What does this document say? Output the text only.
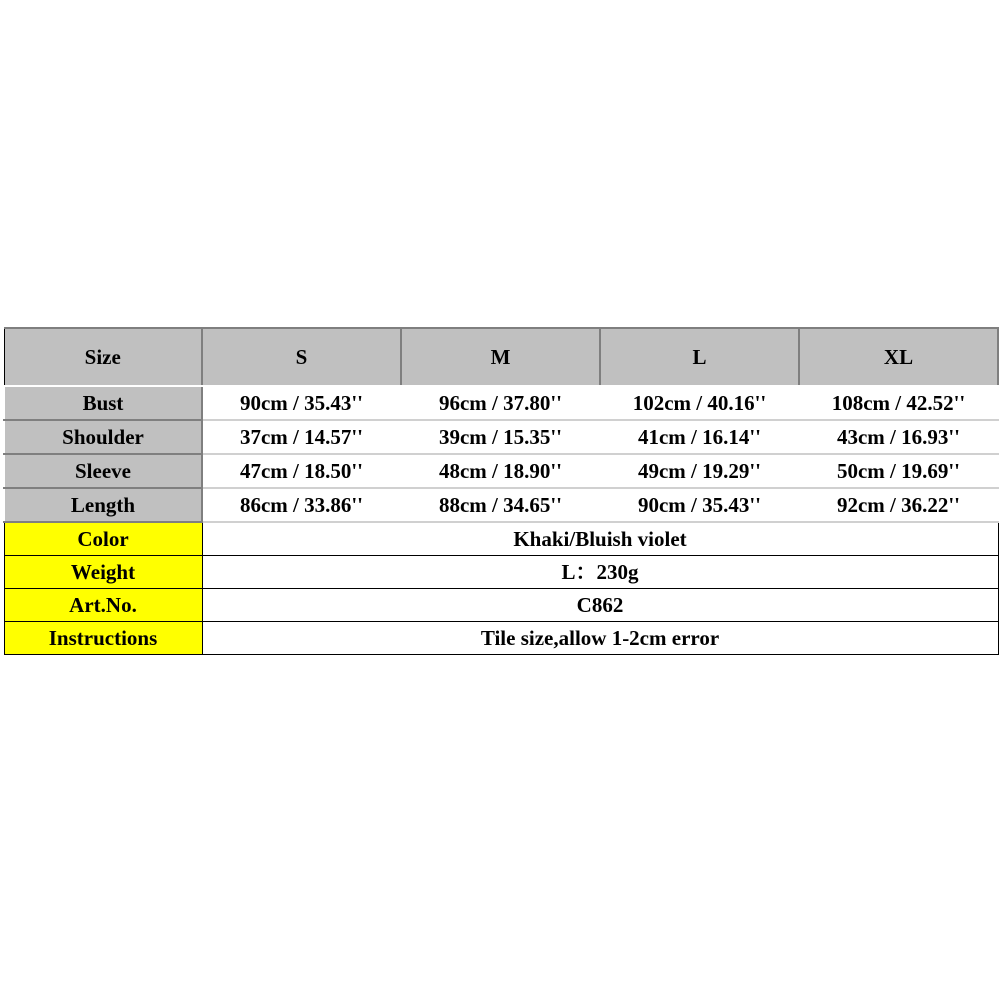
Size	S	M	L	XL
Bust	90cm / 35.43''	96cm / 37.80''	102cm / 40.16''	108cm / 42.52''
Shoulder	37cm / 14.57''	39cm / 15.35''	41cm / 16.14''	43cm / 16.93''
Sleeve	47cm / 18.50''	48cm / 18.90''	49cm / 19.29''	50cm / 19.69''
Length	86cm / 33.86''	88cm / 34.65''	90cm / 35.43''	92cm / 36.22''
Color	Khaki/Bluish violet			
Weight	L：230g			
Art.No.	C862			
Instructions	Tile size,allow 1-2cm error			
